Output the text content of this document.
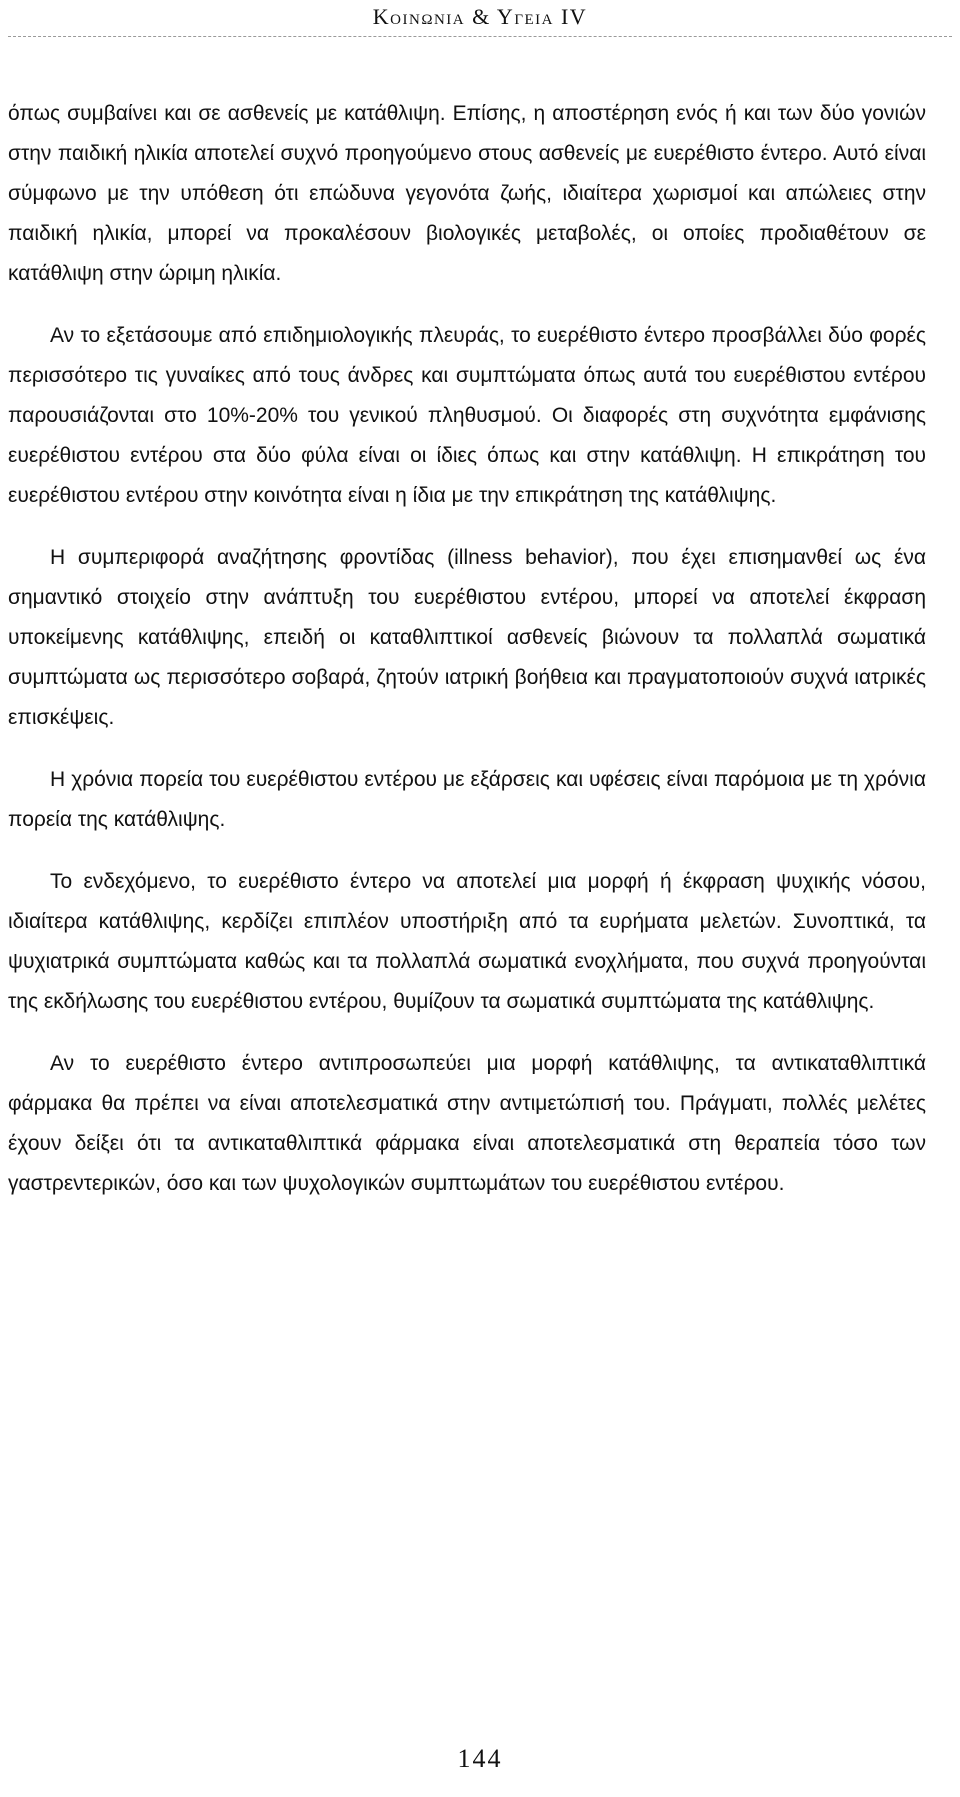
Κοινωνια & Υγεια IV

όπως συμβαίνει και σε ασθενείς με κατάθλιψη. Επίσης, η αποστέρηση ενός ή και των δύο γονιών στην παιδική ηλικία αποτελεί συχνό προηγούμενο στους ασθενείς με ευερέθιστο έντερο. Αυτό είναι σύμφωνο με την υπόθεση ότι επώδυνα γεγονότα ζωής, ιδιαίτερα χωρισμοί και απώλειες στην παιδική ηλικία, μπορεί να προκαλέσουν βιολογικές μεταβολές, οι οποίες προδιαθέτουν σε κατάθλιψη στην ώριμη ηλικία.

Αν το εξετάσουμε από επιδημιολογικής πλευράς, το ευερέθιστο έντερο προσβάλλει δύο φορές περισσότερο τις γυναίκες από τους άνδρες και συμπτώματα όπως αυτά του ευερέθιστου εντέρου παρουσιάζονται στο 10%-20% του γενικού πληθυσμού. Οι διαφορές στη συχνότητα εμφάνισης ευερέθιστου εντέρου στα δύο φύλα είναι οι ίδιες όπως και στην κατάθλιψη. Η επικράτηση του ευερέθιστου εντέρου στην κοινότητα είναι η ίδια με την επικράτηση της κατάθλιψης.

Η συμπεριφορά αναζήτησης φροντίδας (illness behavior), που έχει επισημανθεί ως ένα σημαντικό στοιχείο στην ανάπτυξη του ευερέθιστου εντέρου, μπορεί να αποτελεί έκφραση υποκείμενης κατάθλιψης, επειδή οι καταθλιπτικοί ασθενείς βιώνουν τα πολλαπλά σωματικά συμπτώματα ως περισσότερο σοβαρά, ζητούν ιατρική βοήθεια και πραγματοποιούν συχνά ιατρικές επισκέψεις.

Η χρόνια πορεία του ευερέθιστου εντέρου με εξάρσεις και υφέσεις είναι παρόμοια με τη χρόνια πορεία της κατάθλιψης.

Το ενδεχόμενο, το ευερέθιστο έντερο να αποτελεί μια μορφή ή έκφραση ψυχικής νόσου, ιδιαίτερα κατάθλιψης, κερδίζει επιπλέον υποστήριξη από τα ευρήματα μελετών. Συνοπτικά, τα ψυχιατρικά συμπτώματα καθώς και τα πολλαπλά σωματικά ενοχλήματα, που συχνά προηγούνται της εκδήλωσης του ευερέθιστου εντέρου, θυμίζουν τα σωματικά συμπτώματα της κατάθλιψης.

Αν το ευερέθιστο έντερο αντιπροσωπεύει μια μορφή κατάθλιψης, τα αντικαταθλιπτικά φάρμακα θα πρέπει να είναι αποτελεσματικά στην αντιμετώπισή του. Πράγματι, πολλές μελέτες έχουν δείξει ότι τα αντικαταθλιπτικά φάρμακα είναι αποτελεσματικά στη θεραπεία τόσο των γαστρεντερικών, όσο και των ψυχολογικών συμπτωμάτων του ευερέθιστου εντέρου.

144
